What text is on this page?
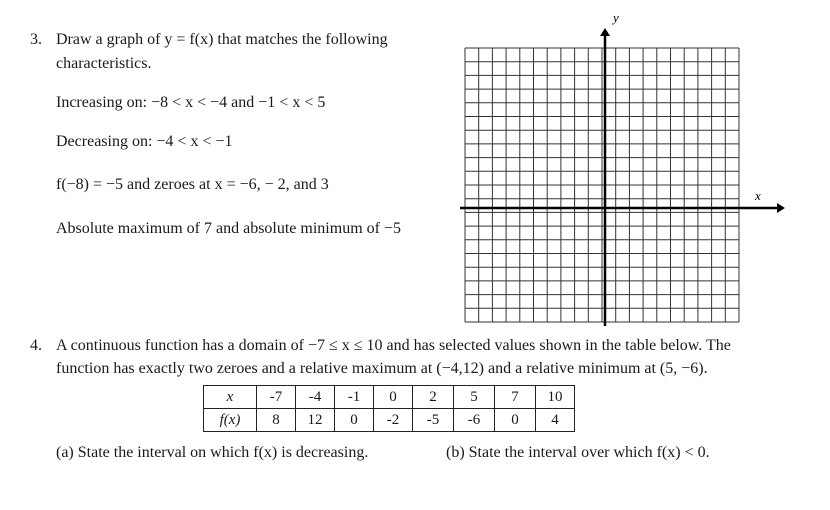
3. Draw a graph of y = f(x) that matches the following
characteristics.
Increasing on: −8 < x < −4 and −1 < x < 5
Decreasing on: −4 < x < −1
f(−8) = −5 and zeroes at x = −6, − 2, and 3
Absolute maximum of 7 and absolute minimum of −5
y
x
4. A continuous function has a domain of −7 ≤ x ≤ 10 and has selected values shown in the table below. The
function has exactly two zeroes and a relative maximum at (−4,12) and a relative minimum at (5, −6).
x	-7	-4	-1	0	2	5	7	10
f(x)	8	12	0	-2	-5	-6	0	4
(a) State the interval on which f(x) is decreasing.	(b) State the interval over which f(x) < 0.
